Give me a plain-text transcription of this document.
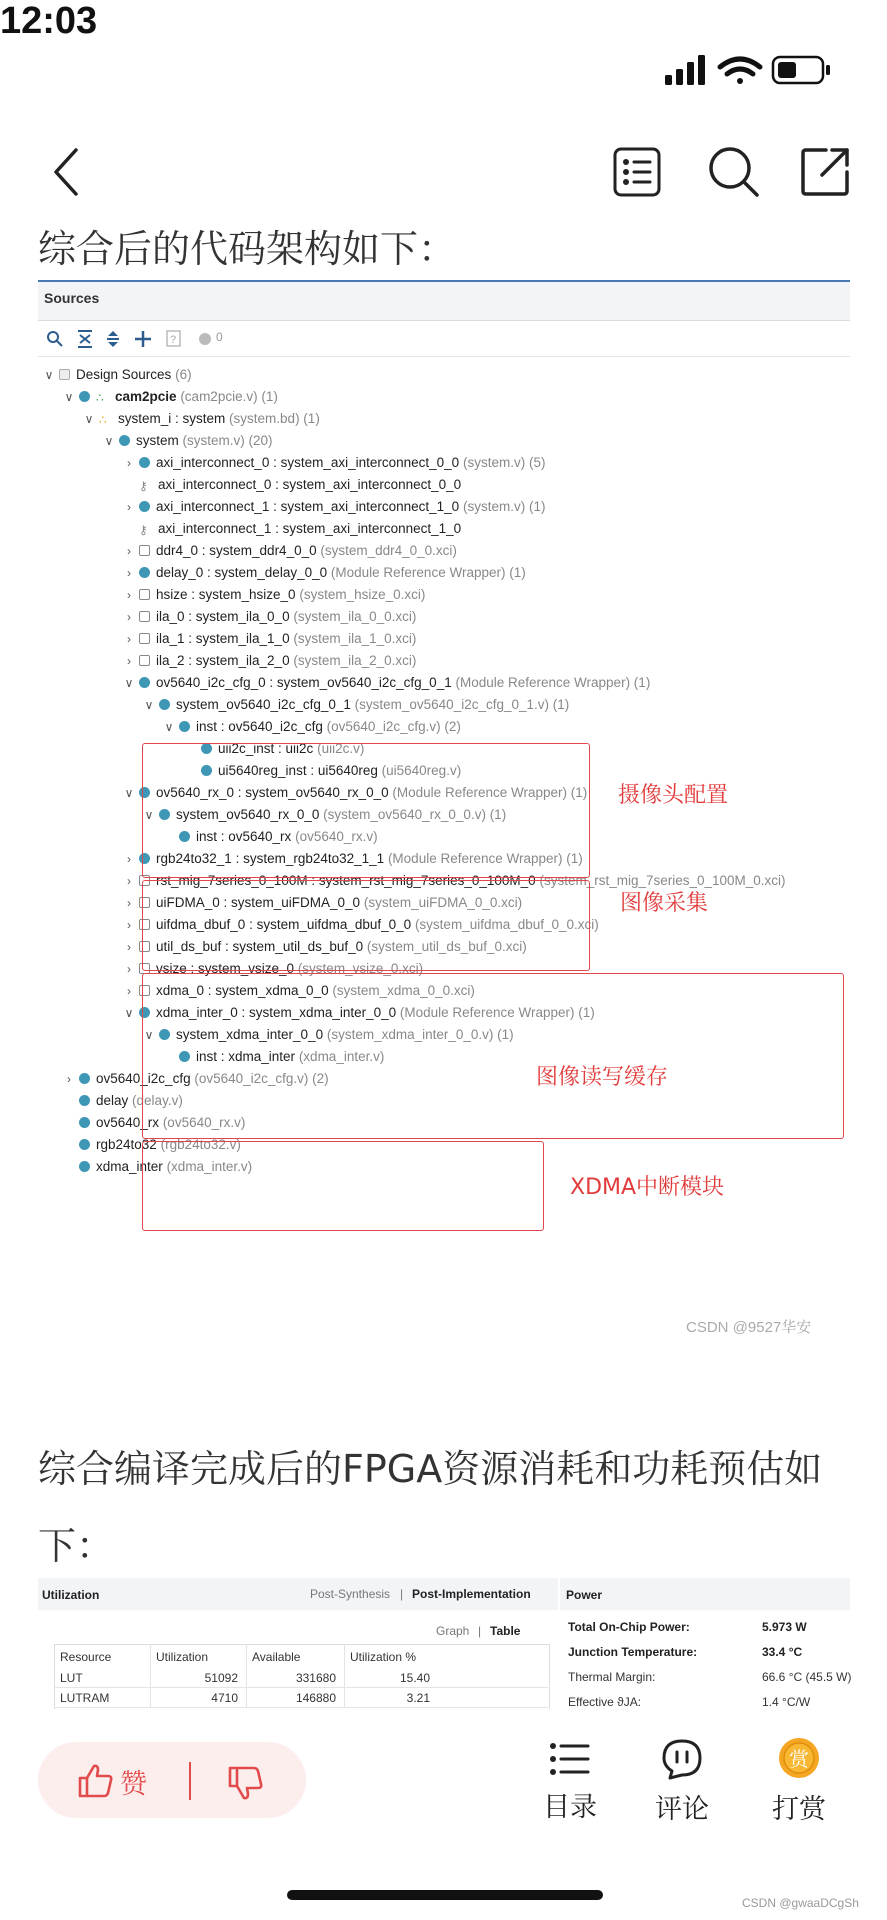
12:03
综合后的代码架构如下：
Sources
?	0
∨ Design Sources (6)
∨ ∴ cam2pcie (cam2pcie.v) (1)
∨ ∴ system_i : system (system.bd) (1)
∨ system (system.v) (20)
› axi_interconnect_0 : system_axi_interconnect_0_0 (system.v) (5)
⚷ axi_interconnect_0 : system_axi_interconnect_0_0
› axi_interconnect_1 : system_axi_interconnect_1_0 (system.v) (1)
⚷ axi_interconnect_1 : system_axi_interconnect_1_0
› ddr4_0 : system_ddr4_0_0 (system_ddr4_0_0.xci)
› delay_0 : system_delay_0_0 (Module Reference Wrapper) (1)
› hsize : system_hsize_0 (system_hsize_0.xci)
› ila_0 : system_ila_0_0 (system_ila_0_0.xci)
› ila_1 : system_ila_1_0 (system_ila_1_0.xci)
› ila_2 : system_ila_2_0 (system_ila_2_0.xci)
∨ ov5640_i2c_cfg_0 : system_ov5640_i2c_cfg_0_1 (Module Reference Wrapper) (1)
∨ system_ov5640_i2c_cfg_0_1 (system_ov5640_i2c_cfg_0_1.v) (1)
∨ inst : ov5640_i2c_cfg (ov5640_i2c_cfg.v) (2)
uii2c_inst : uii2c (uii2c.v)
ui5640reg_inst : ui5640reg (ui5640reg.v)
∨ ov5640_rx_0 : system_ov5640_rx_0_0 (Module Reference Wrapper) (1)
∨ system_ov5640_rx_0_0 (system_ov5640_rx_0_0.v) (1)
inst : ov5640_rx (ov5640_rx.v)
› rgb24to32_1 : system_rgb24to32_1_1 (Module Reference Wrapper) (1)
› rst_mig_7series_0_100M : system_rst_mig_7series_0_100M_0 (system_rst_mig_7series_0_100M_0.xci)
› uiFDMA_0 : system_uiFDMA_0_0 (system_uiFDMA_0_0.xci)
› uifdma_dbuf_0 : system_uifdma_dbuf_0_0 (system_uifdma_dbuf_0_0.xci)
› util_ds_buf : system_util_ds_buf_0 (system_util_ds_buf_0.xci)
› vsize : system_vsize_0 (system_vsize_0.xci)
› xdma_0 : system_xdma_0_0 (system_xdma_0_0.xci)
∨ xdma_inter_0 : system_xdma_inter_0_0 (Module Reference Wrapper) (1)
∨ system_xdma_inter_0_0 (system_xdma_inter_0_0.v) (1)
inst : xdma_inter (xdma_inter.v)
› ov5640_i2c_cfg (ov5640_i2c_cfg.v) (2)
delay (delay.v)
ov5640_rx (ov5640_rx.v)
rgb24to32 (rgb24to32.v)
xdma_inter (xdma_inter.v)
摄像头配置
图像采集
图像读写缓存
XDMA中断模块
CSDN @9527华安
综合编译完成后的FPGA资源消耗和功耗预估如
下：
Utilization	Post-Synthesis | Post-Implementation
Graph | Table
Resource	Utilization	Available	Utilization %
LUT	51092	331680	15.40
LUTRAM	4710	146880	3.21
Power
Total On-Chip Power:	5.973 W
Junction Temperature:	33.4 °C
Thermal Margin:	66.6 °C (45.5 W)
Effective ϑJA:	1.4 °C/W
赞
目录 评论
赏
打赏
CSDN @gwaaDCgSh
